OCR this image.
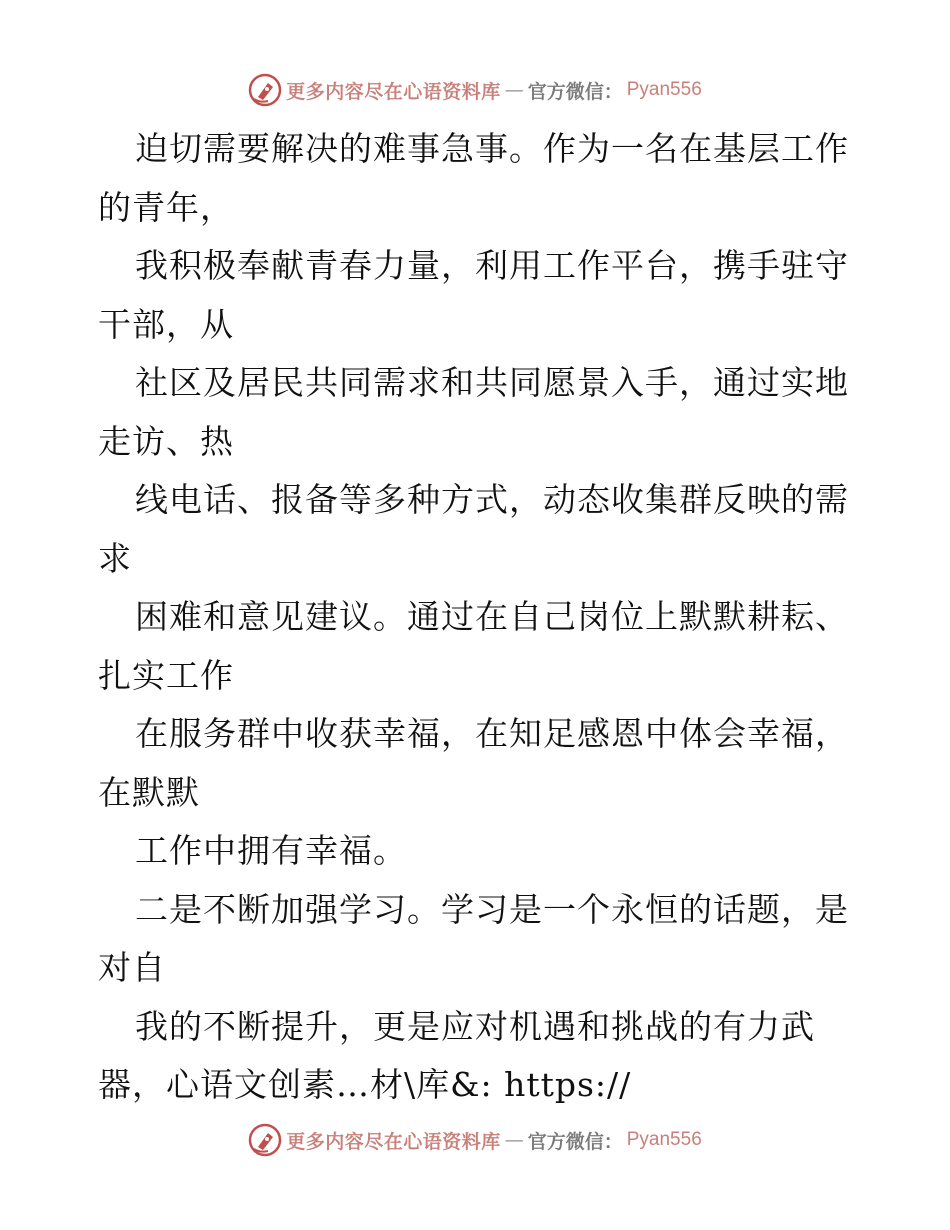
更多内容尽在心语资料库 — 官方微信： Pyan556
迫切需要解决的难事急事。作为一名在基层工作
的青年，
我积极奉献青春力量，利用工作平台，携手驻守
干部，从
社区及居民共同需求和共同愿景入手，通过实地
走访、热
线电话、报备等多种方式，动态收集群反映的需
求
困难和意见建议。通过在自己岗位上默默耕耘、
扎实工作
在服务群中收获幸福，在知足感恩中体会幸福，
在默默
工作中拥有幸福。
二是不断加强学习。学习是一个永恒的话题，是
对自
我的不断提升，更是应对机遇和挑战的有力武
器，心语文创素…材\库&: https://
更多内容尽在心语资料库 — 官方微信： Pyan556
